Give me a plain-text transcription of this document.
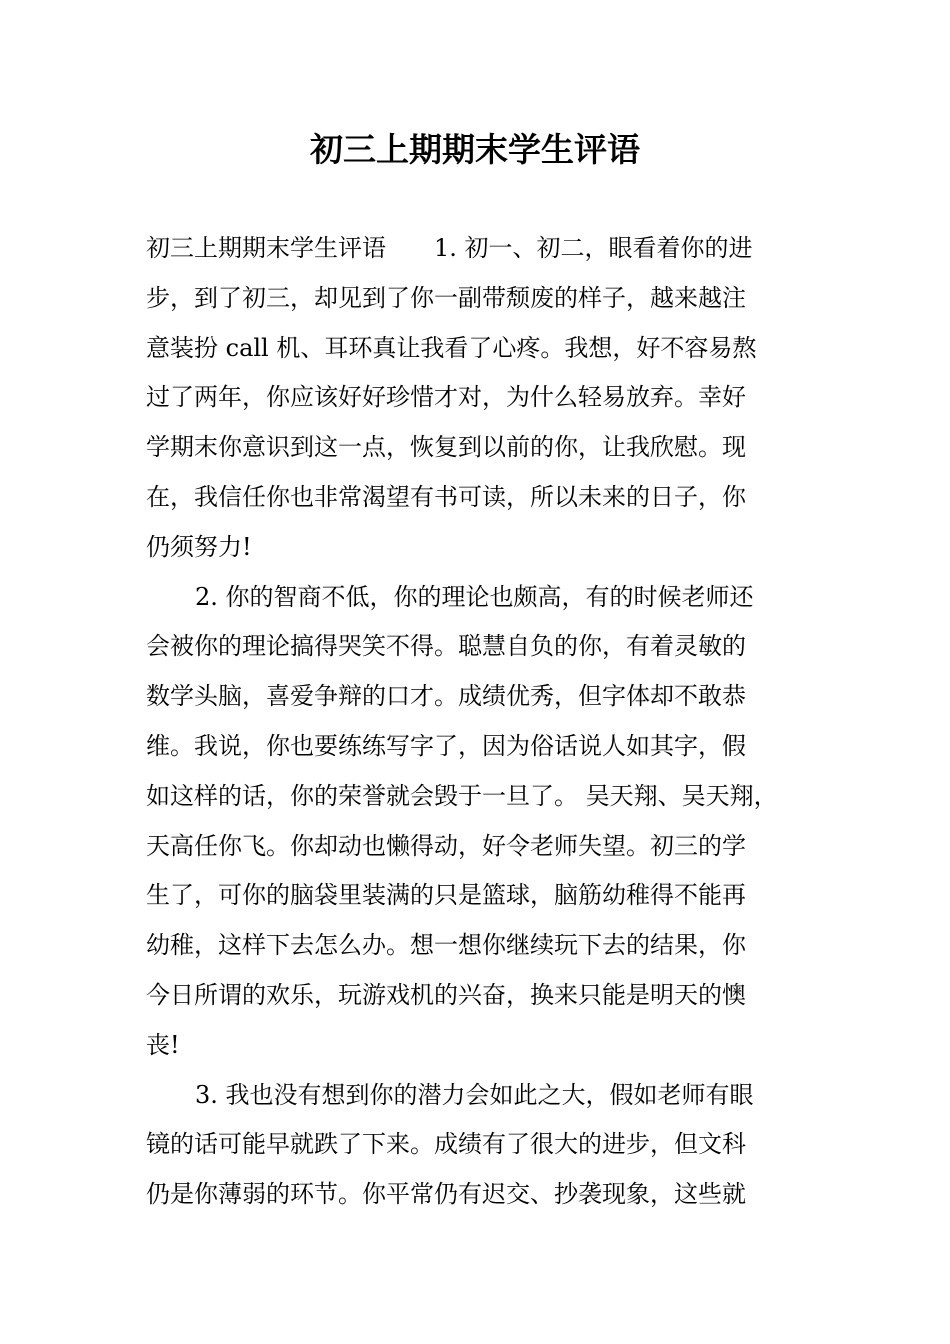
初三上期期末学生评语
初三上期期末学生评语　　1. 初一、初二，眼看着你的进
步，到了初三，却见到了你一副带颓废的样子，越来越注
意装扮 call 机、耳环真让我看了心疼。我想，好不容易熬
过了两年，你应该好好珍惜才对，为什么轻易放弃。幸好
学期末你意识到这一点，恢复到以前的你，让我欣慰。现
在，我信任你也非常渴望有书可读，所以未来的日子，你
仍须努力!
2. 你的智商不低，你的理论也颇高，有的时候老师还
会被你的理论搞得哭笑不得。聪慧自负的你，有着灵敏的
数学头脑，喜爱争辩的口才。成绩优秀，但字体却不敢恭
维。我说，你也要练练写字了，因为俗话说人如其字，假
如这样的话，你的荣誉就会毁于一旦了。 吴天翔、吴天翔，
天高任你飞。你却动也懒得动，好令老师失望。初三的学
生了，可你的脑袋里装满的只是篮球，脑筋幼稚得不能再
幼稚，这样下去怎么办。想一想你继续玩下去的结果，你
今日所谓的欢乐，玩游戏机的兴奋，换来只能是明天的懊
丧!
3. 我也没有想到你的潜力会如此之大，假如老师有眼
镜的话可能早就跌了下来。成绩有了很大的进步，但文科
仍是你薄弱的环节。你平常仍有迟交、抄袭现象，这些就
